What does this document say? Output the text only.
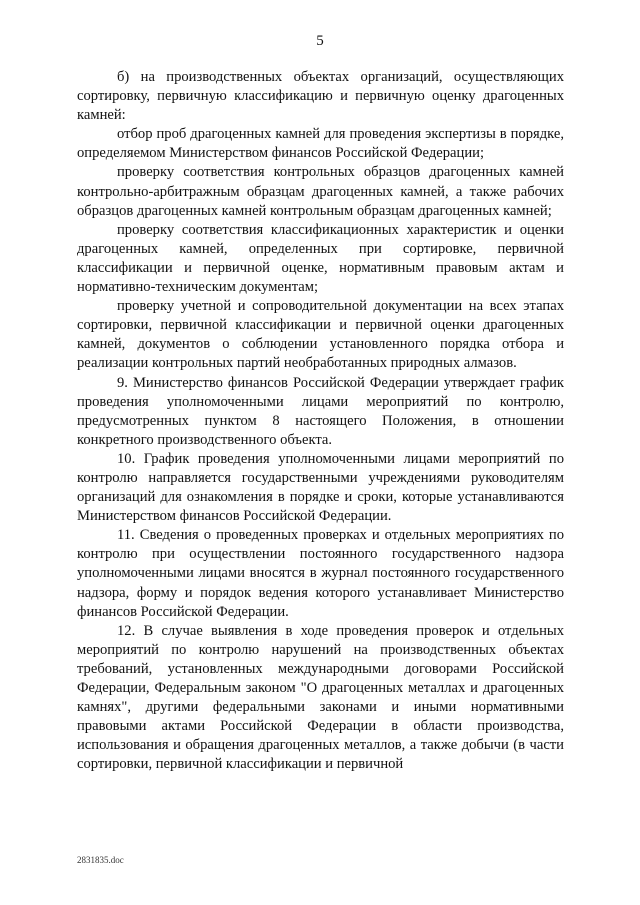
5

б) на производственных объектах организаций, осуществляющих сортировку, первичную классификацию и первичную оценку драгоценных камней:

отбор проб драгоценных камней для проведения экспертизы в порядке, определяемом Министерством финансов Российской Федерации;

проверку соответствия контрольных образцов драгоценных камней контрольно-арбитражным образцам драгоценных камней, а также рабочих образцов драгоценных камней контрольным образцам драгоценных камней;

проверку соответствия классификационных характеристик и оценки драгоценных камней, определенных при сортировке, первичной классификации и первичной оценке, нормативным правовым актам и нормативно-техническим документам;

проверку учетной и сопроводительной документации на всех этапах сортировки, первичной классификации и первичной оценки драгоценных камней, документов о соблюдении установленного порядка отбора и реализации контрольных партий необработанных природных алмазов.

9. Министерство финансов Российской Федерации утверждает график проведения уполномоченными лицами мероприятий по контролю, предусмотренных пунктом 8 настоящего Положения, в отношении конкретного производственного объекта.

10. График проведения уполномоченными лицами мероприятий по контролю направляется государственными учреждениями руководителям организаций для ознакомления в порядке и сроки, которые устанавливаются Министерством финансов Российской Федерации.

11. Сведения о проведенных проверках и отдельных мероприятиях по контролю при осуществлении постоянного государственного надзора уполномоченными лицами вносятся в журнал постоянного государственного надзора, форму и порядок ведения которого устанавливает Министерство финансов Российской Федерации.

12. В случае выявления в ходе проведения проверок и отдельных мероприятий по контролю нарушений на производственных объектах требований, установленных международными договорами Российской Федерации, Федеральным законом "О драгоценных металлах и драгоценных камнях", другими федеральными законами и иными нормативными правовыми актами Российской Федерации в области производства, использования и обращения драгоценных металлов, а также добычи (в части сортировки, первичной классификации и первичной

2831835.doc
